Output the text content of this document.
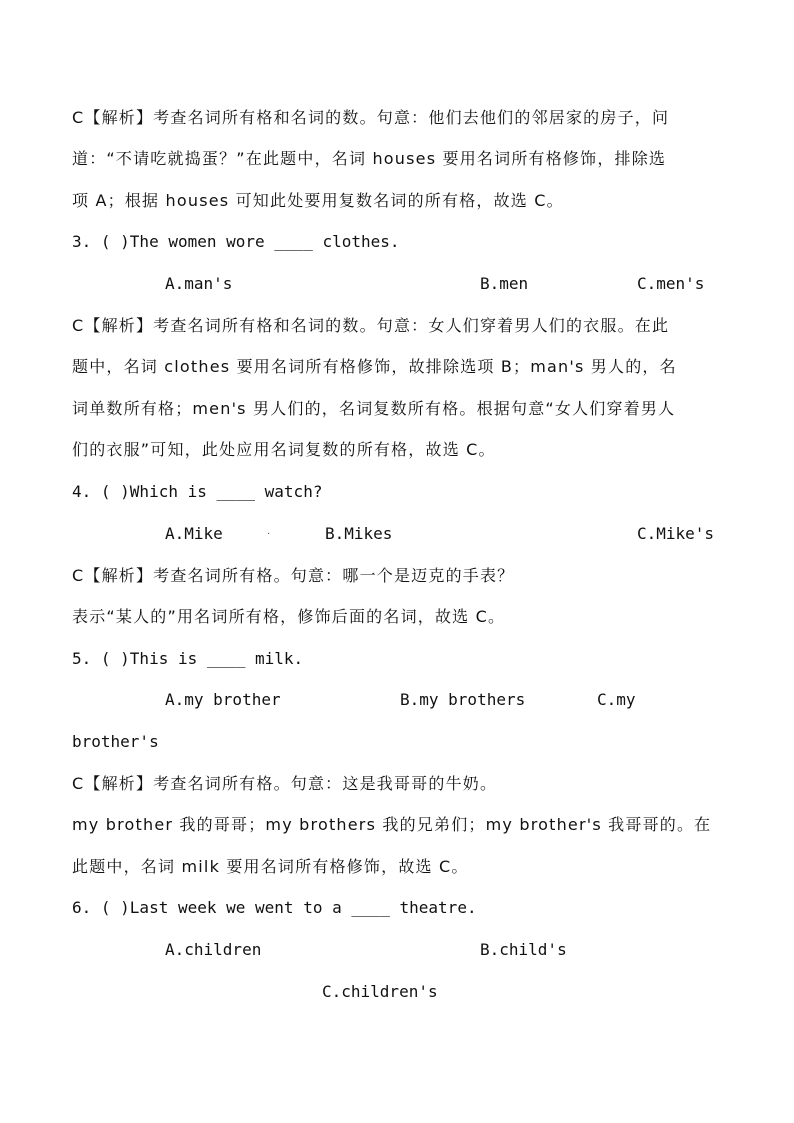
C【解析】考查名词所有格和名词的数。句意：他们去他们的邻居家的房子，问
道：“不请吃就捣蛋？”在此题中，名词 houses 要用名词所有格修饰，排除选
项 A；根据 houses 可知此处要用复数名词的所有格，故选 C。
3. ( )The women wore ____ clothes.
A.man's	B.men	C.men's
C【解析】考查名词所有格和名词的数。句意：女人们穿着男人们的衣服。在此
题中，名词 clothes 要用名词所有格修饰，故排除选项 B；man's 男人的，名
词单数所有格；men's 男人们的，名词复数所有格。根据句意“女人们穿着男人
们的衣服”可知，此处应用名词复数的所有格，故选 C。
4. ( )Which is ____ watch?
A.Mike	·	B.Mikes	C.Mike's
C【解析】考查名词所有格。句意：哪一个是迈克的手表？
表示“某人的”用名词所有格，修饰后面的名词，故选 C。
5. ( )This is ____ milk.
A.my brother	B.my brothers	C.my
brother's
C【解析】考查名词所有格。句意：这是我哥哥的牛奶。
my brother 我的哥哥；my brothers 我的兄弟们；my brother's 我哥哥的。在
此题中，名词 milk 要用名词所有格修饰，故选 C。
6. ( )Last week we went to a ____ theatre.
A.children	B.child's
C.children's
